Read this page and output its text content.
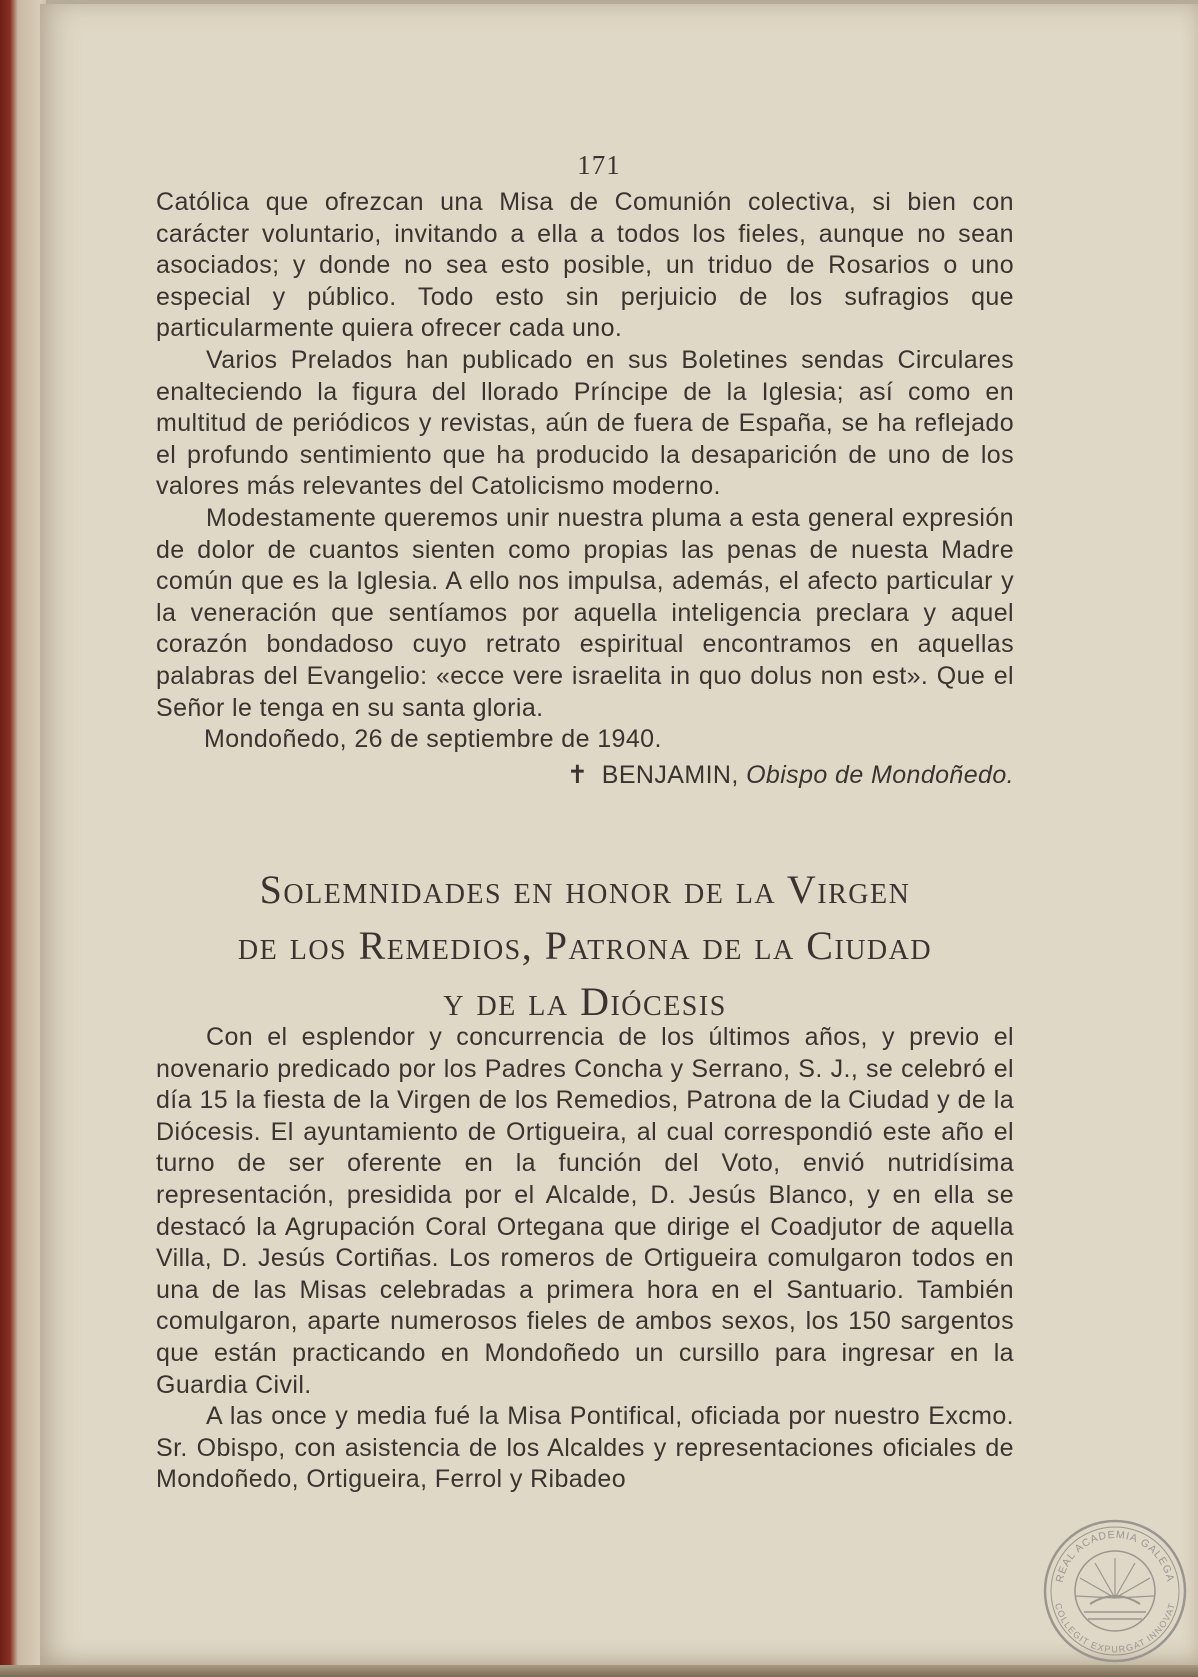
171

Católica que ofrezcan una Misa de Comunión colectiva, si bien con carácter voluntario, invitando a ella a todos los fieles, aunque no sean asociados; y donde no sea esto posible, un triduo de Rosarios o uno especial y público. Todo esto sin perjuicio de los sufragios que particularmente quiera ofrecer cada uno.

Varios Prelados han publicado en sus Boletines sendas Circulares enalteciendo la figura del llorado Príncipe de la Iglesia; así como en multitud de periódicos y revistas, aún de fuera de España, se ha reflejado el profundo sentimiento que ha producido la desaparición de uno de los valores más relevantes del Catolicismo moderno.

Modestamente queremos unir nuestra pluma a esta general expresión de dolor de cuantos sienten como propias las penas de nuesta Madre común que es la Iglesia. A ello nos impulsa, además, el afecto particular y la veneración que sentíamos por aquella inteligencia preclara y aquel corazón bondadoso cuyo retrato espiritual encontramos en aquellas palabras del Evangelio: «ecce vere israelita in quo dolus non est». Que el Señor le tenga en su santa gloria.

Mondoñedo, 26 de septiembre de 1940.

✝ BENJAMIN, Obispo de Mondoñedo.

Solemnidades en honor de la Virgen
de los Remedios, Patrona de la Ciudad
y de la Diócesis

Con el esplendor y concurrencia de los últimos años, y previo el novenario predicado por los Padres Concha y Serrano, S. J., se celebró el día 15 la fiesta de la Virgen de los Remedios, Patrona de la Ciudad y de la Diócesis. El ayuntamiento de Ortigueira, al cual correspondió este año el turno de ser oferente en la función del Voto, envió nutridísima representación, presidida por el Alcalde, D. Jesús Blanco, y en ella se destacó la Agrupación Coral Ortegana que dirige el Coadjutor de aquella Villa, D. Jesús Cortiñas. Los romeros de Ortigueira comulgaron todos en una de las Misas celebradas a primera hora en el Santuario. También comulgaron, aparte numerosos fieles de ambos sexos, los 150 sargentos que están practicando en Mondoñedo un cursillo para ingresar en la Guardia Civil.

A las once y media fué la Misa Pontifical, oficiada por nuestro Excmo. Sr. Obispo, con asistencia de los Alcaldes y representaciones oficiales de Mondoñedo, Ortigueira, Ferrol y Ribadeo

REAL ACADEMIA GALEGA
COLLEGIT EXPURGAT INNOVAT
